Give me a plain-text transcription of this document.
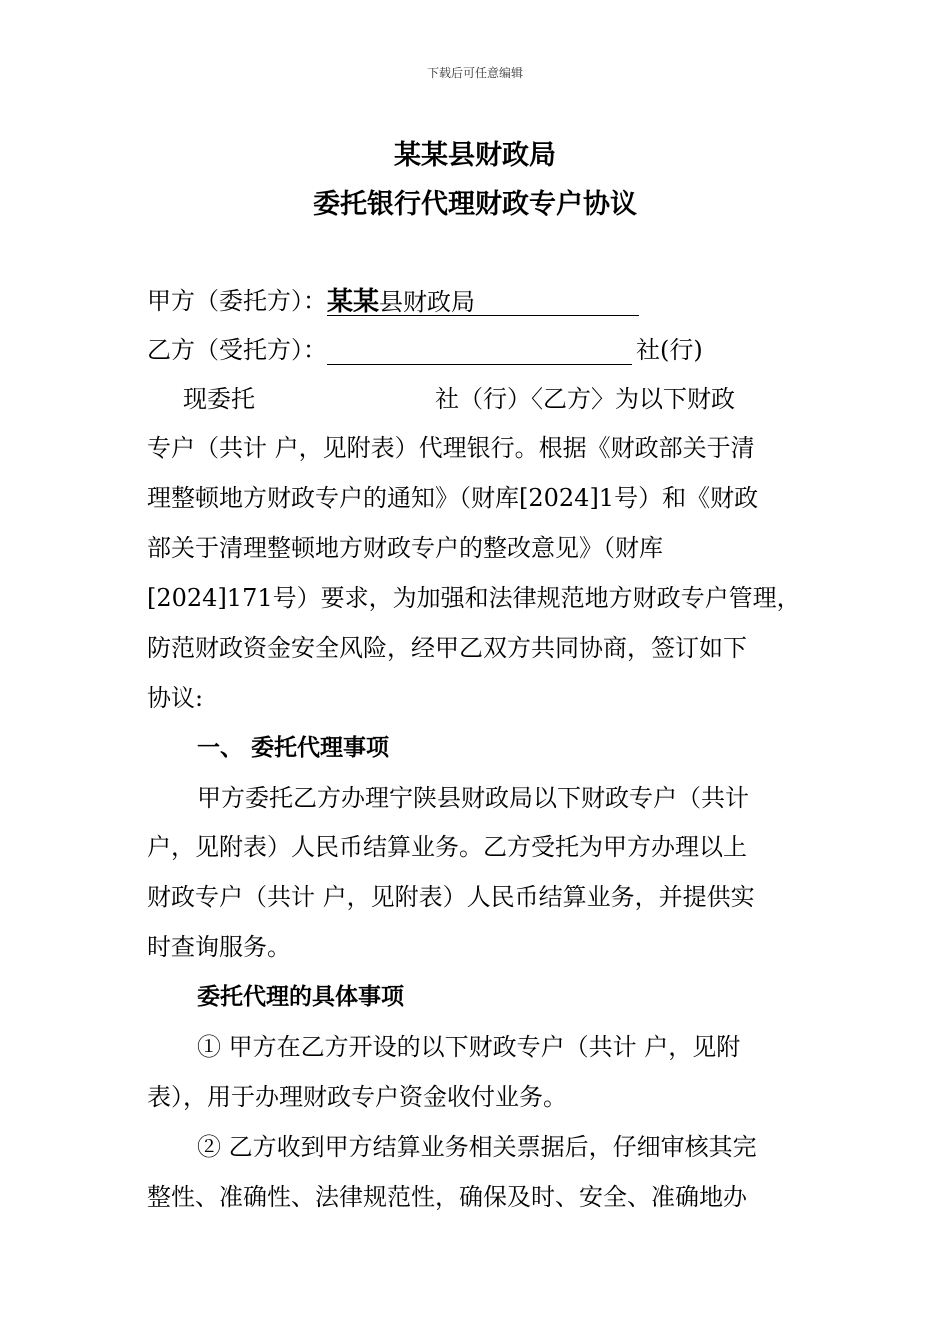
下载后可任意编辑
某某县财政局
委托银行代理财政专户协议
甲方（委托方）：某某县财政局
乙方（受托方）：	社(行)
现委托	社（行）〈乙方〉为以下财政
专户（共计 户，见附表）代理银行。根据《财政部关于清
理整顿地方财政专户的通知》（财库[2024]1号）和《财政
部关于清理整顿地方财政专户的整改意见》（财库
[2024]171号）要求，为加强和法律规范地方财政专户管理，
防范财政资金安全风险，经甲乙双方共同协商，签订如下
协议:
一、 委托代理事项
甲方委托乙方办理宁陕县财政局以下财政专户（共计
户，见附表）人民币结算业务。乙方受托为甲方办理以上
财政专户（共计 户，见附表）人民币结算业务，并提供实
时查询服务。
委托代理的具体事项
① 甲方在乙方开设的以下财政专户（共计 户，见附
表），用于办理财政专户资金收付业务。
② 乙方收到甲方结算业务相关票据后，仔细审核其完
整性、准确性、法律规范性，确保及时、安全、准确地办
